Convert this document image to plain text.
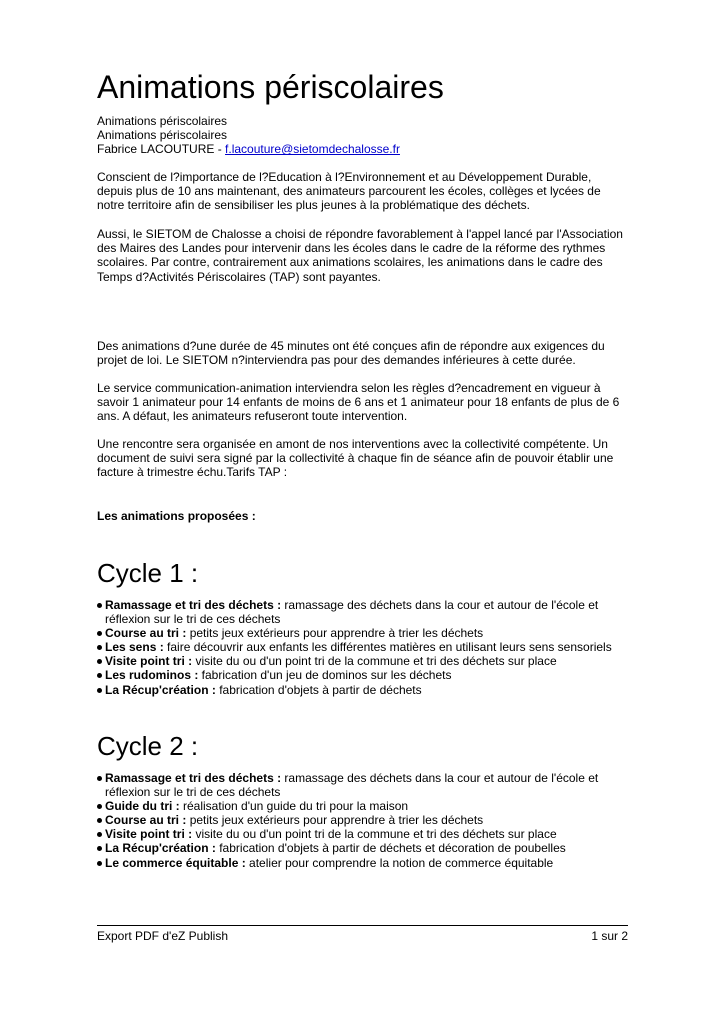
Animations périscolaires
Animations périscolaires
Animations périscolaires
Fabrice LACOUTURE - f.lacouture@sietomdechalosse.fr

Conscient de l?importance de l?Education à l?Environnement et au Développement Durable, depuis plus de 10 ans maintenant, des animateurs parcourent les écoles, collèges et lycées de notre territoire afin de sensibiliser les plus jeunes à la problématique des déchets.

Aussi, le SIETOM de Chalosse a choisi de répondre favorablement à l'appel lancé par l'Association des Maires des Landes pour intervenir dans les écoles dans le cadre de la réforme des rythmes scolaires. Par contre, contrairement aux animations scolaires, les animations dans le cadre des Temps d?Activités Périscolaires (TAP) sont payantes.

Des animations d?une durée de 45 minutes ont été conçues afin de répondre aux exigences du projet de loi. Le SIETOM n?interviendra pas pour des demandes inférieures à cette durée.

Le service communication-animation interviendra selon les règles d?encadrement en vigueur à savoir 1 animateur pour 14 enfants de moins de 6 ans et 1 animateur pour 18 enfants de plus de 6 ans. A défaut, les animateurs refuseront toute intervention.

Une rencontre sera organisée en amont de nos interventions avec la collectivité compétente. Un document de suivi sera signé par la collectivité à chaque fin de séance afin de pouvoir établir une facture à trimestre échu.Tarifs TAP :

Les animations proposées :
Cycle 1 :
Ramassage et tri des déchets : ramassage des déchets dans la cour et autour de l'école et réflexion sur le tri de ces déchets
Course au tri : petits jeux extérieurs pour apprendre à trier les déchets
Les sens : faire découvrir aux enfants les différentes matières en utilisant leurs sens sensoriels
Visite point tri : visite du ou d'un point tri de la commune et tri des déchets sur place
Les rudominos : fabrication d'un jeu de dominos sur les déchets
La Récup'création : fabrication d'objets à partir de déchets
Cycle 2 :
Ramassage et tri des déchets : ramassage des déchets dans la cour et autour de l'école et réflexion sur le tri de ces déchets
Guide du tri : réalisation d'un guide du tri pour la maison
Course au tri : petits jeux extérieurs pour apprendre à trier les déchets
Visite point tri : visite du ou d'un point tri de la commune et tri des déchets sur place
La Récup'création : fabrication d'objets à partir de déchets et décoration de poubelles
Le commerce équitable : atelier pour comprendre la notion de commerce équitable
Export PDF d'eZ Publish	1 sur 2
